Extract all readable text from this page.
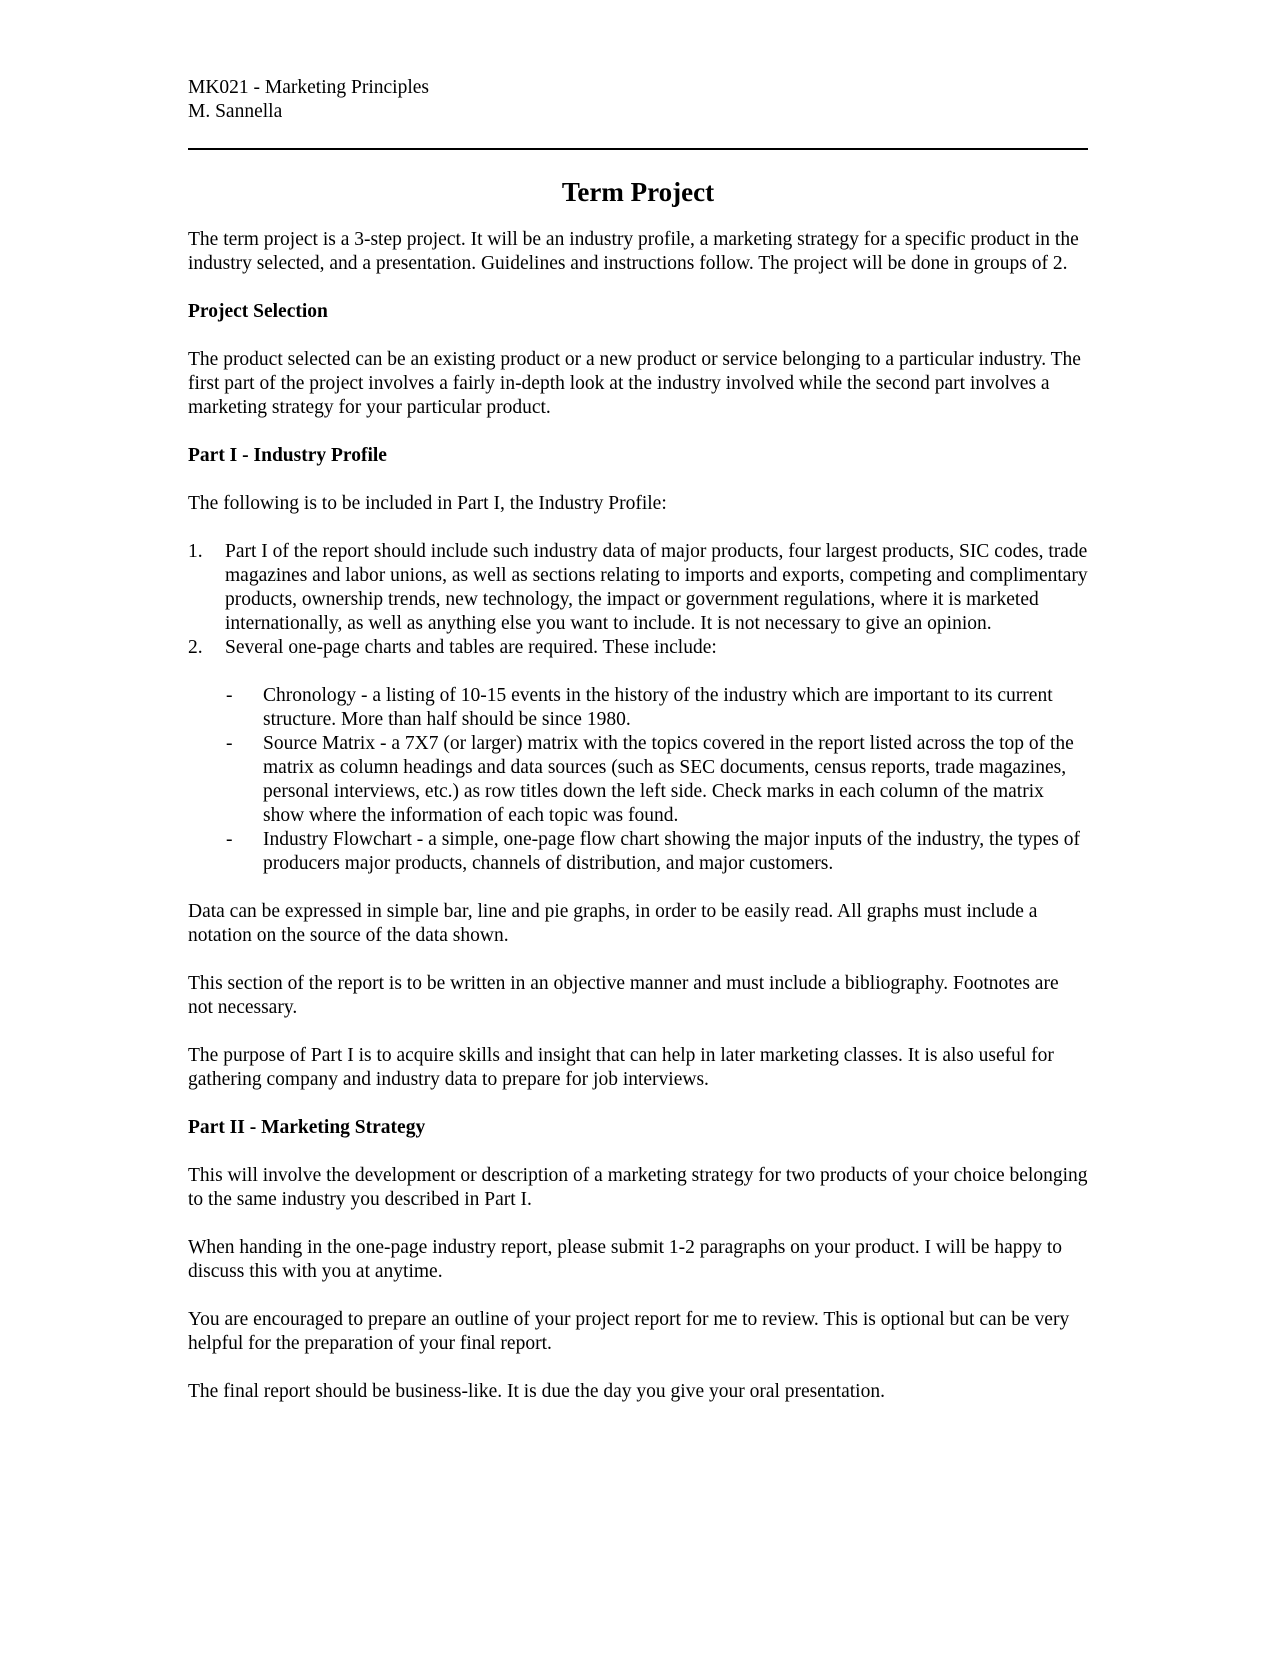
MK021 - Marketing Principles

M. Sannella

Term Project

The term project is a 3-step project. It will be an industry profile, a marketing strategy for a specific product in the industry selected, and a presentation. Guidelines and instructions follow. The project will be done in groups of 2.

Project Selection

The product selected can be an existing product or a new product or service belonging to a particular industry. The first part of the project involves a fairly in-depth look at the industry involved while the second part involves a marketing strategy for your particular product.

Part I - Industry Profile

The following is to be included in Part I, the Industry Profile:

1. Part I of the report should include such industry data of major products, four largest products, SIC codes, trade magazines and labor unions, as well as sections relating to imports and exports, competing and complimentary products, ownership trends, new technology, the impact or government regulations, where it is marketed internationally, as well as anything else you want to include. It is not necessary to give an opinion.
2. Several one-page charts and tables are required. These include:
- Chronology - a listing of 10-15 events in the history of the industry which are important to its current structure. More than half should be since 1980.
- Source Matrix - a 7X7 (or larger) matrix with the topics covered in the report listed across the top of the matrix as column headings and data sources (such as SEC documents, census reports, trade magazines, personal interviews, etc.) as row titles down the left side. Check marks in each column of the matrix show where the information of each topic was found.
- Industry Flowchart - a simple, one-page flow chart showing the major inputs of the industry, the types of producers major products, channels of distribution, and major customers.

Data can be expressed in simple bar, line and pie graphs, in order to be easily read. All graphs must include a notation on the source of the data shown.

This section of the report is to be written in an objective manner and must include a bibliography. Footnotes are not necessary.

The purpose of Part I is to acquire skills and insight that can help in later marketing classes. It is also useful for gathering company and industry data to prepare for job interviews.

Part II - Marketing Strategy

This will involve the development or description of a marketing strategy for two products of your choice belonging to the same industry you described in Part I.

When handing in the one-page industry report, please submit 1-2 paragraphs on your product. I will be happy to discuss this with you at anytime.

You are encouraged to prepare an outline of your project report for me to review. This is optional but can be very helpful for the preparation of your final report.

The final report should be business-like. It is due the day you give your oral presentation.
